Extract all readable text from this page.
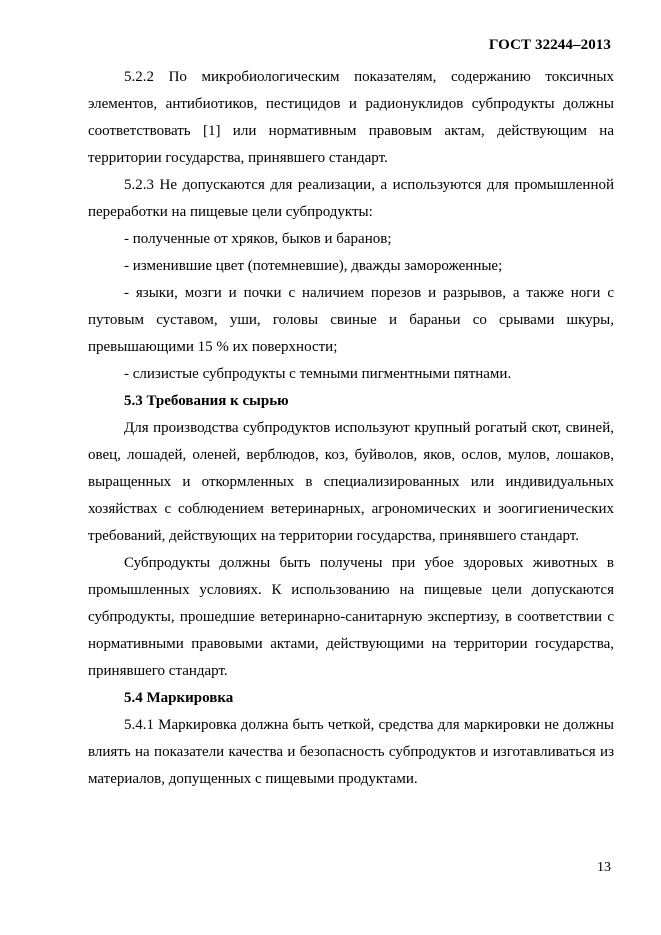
ГОСТ 32244–2013

5.2.2 По микробиологическим показателям, содержанию токсичных элементов, антибиотиков, пестицидов и радионуклидов субпродукты должны соответствовать [1] или нормативным правовым актам, действующим на территории государства, принявшего стандарт.

5.2.3 Не допускаются для реализации, а используются для промышленной переработки на пищевые цели субпродукты:

- полученные от хряков, быков и баранов;

- изменившие цвет (потемневшие), дважды замороженные;

- языки, мозги и почки с наличием порезов и разрывов, а также ноги с путовым суставом, уши, головы свиные и бараньи со срывами шкуры, превышающими 15 % их поверхности;

- слизистые субпродукты с темными пигментными пятнами.

5.3 Требования к сырью

Для производства субпродуктов используют крупный рогатый скот, свиней, овец, лошадей, оленей, верблюдов, коз, буйволов, яков, ослов, мулов, лошаков, выращенных и откормленных в специализированных или индивидуальных хозяйствах с соблюдением ветеринарных, агрономических и зоогигиенических требований, действующих на территории государства, принявшего стандарт.

Субпродукты должны быть получены при убое здоровых животных в промышленных условиях. К использованию на пищевые цели допускаются субпродукты, прошедшие ветеринарно-санитарную экспертизу, в соответствии с нормативными правовыми актами, действующими на территории государства, принявшего стандарт.

5.4 Маркировка

5.4.1 Маркировка должна быть четкой, средства для маркировки не должны влиять на показатели качества и безопасность субпродуктов и изготавливаться из материалов, допущенных с пищевыми продуктами.

13
